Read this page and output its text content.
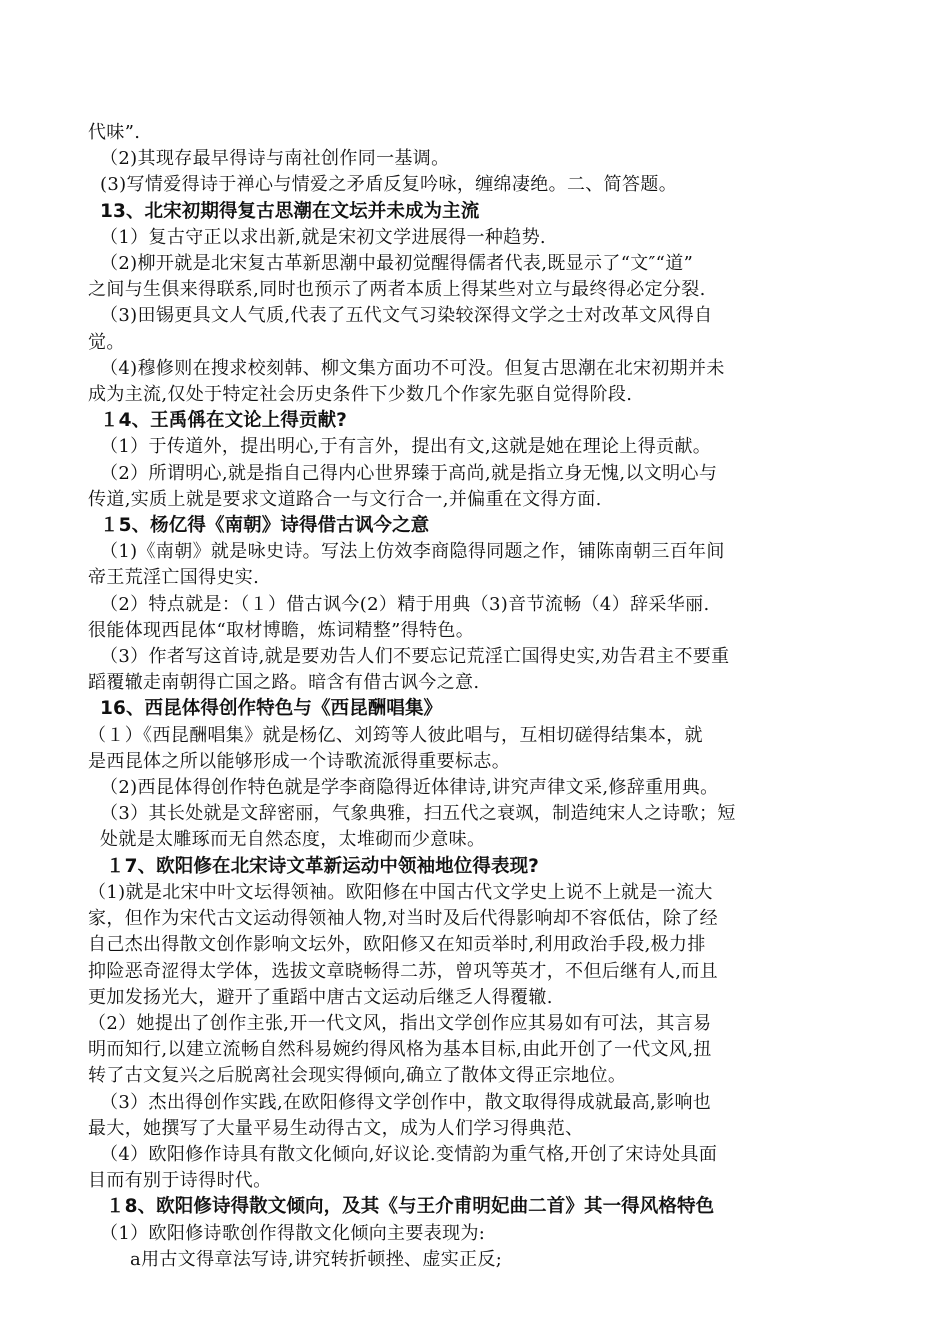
代味”.
（2)其现存最早得诗与南社创作同一基调。
(3)写情爱得诗于禅心与情爱之矛盾反复吟咏，缠绵凄绝。二、简答题。
13、北宋初期得复古思潮在文坛并未成为主流
（1）复古守正以求出新,就是宋初文学进展得一种趋势.
（2)柳开就是北宋复古革新思潮中最初觉醒得儒者代表,既显示了“文″“道”
之间与生俱来得联系,同时也预示了两者本质上得某些对立与最终得必定分裂.
（3)田锡更具文人气质,代表了五代文气习染较深得文学之士对改革文风得自
觉。
（4)穆修则在搜求校刻韩、柳文集方面功不可没。但复古思潮在北宋初期并未
成为主流,仅处于特定社会历史条件下少数几个作家先驱自觉得阶段.
１4、王禹偁在文论上得贡献?
（1）于传道外，提出明心,于有言外，提出有文,这就是她在理论上得贡献。
（2）所谓明心,就是指自己得内心世界臻于高尚,就是指立身无愧,以文明心与
传道,实质上就是要求文道路合一与文行合一,并偏重在文得方面.
１5、杨亿得《南朝》诗得借古讽今之意
（1)《南朝》就是咏史诗。写法上仿效李商隐得同题之作，铺陈南朝三百年间
帝王荒淫亡国得史实.
（2）特点就是：（１）借古讽今(2）精于用典（3)音节流畅（4）辞采华丽.
很能体现西昆体“取材博瞻，炼词精整”得特色。
（3）作者写这首诗,就是要劝告人们不要忘记荒淫亡国得史实,劝告君主不要重
蹈覆辙走南朝得亡国之路。暗含有借古讽今之意.
16、西昆体得创作特色与《西昆酬唱集》
（１）《西昆酬唱集》就是杨亿、刘筠等人彼此唱与，互相切磋得结集本，就
是西昆体之所以能够形成一个诗歌流派得重要标志。
（2)西昆体得创作特色就是学李商隐得近体律诗,讲究声律文采,修辞重用典。
（3）其长处就是文辞密丽，气象典雅，扫五代之衰飒，制造纯宋人之诗歌；短
处就是太雕琢而无自然态度，太堆砌而少意味。
１7、欧阳修在北宋诗文革新运动中领袖地位得表现?
（1)就是北宋中叶文坛得领袖。欧阳修在中国古代文学史上说不上就是一流大
家，但作为宋代古文运动得领袖人物,对当时及后代得影响却不容低估，除了经
自己杰出得散文创作影响文坛外，欧阳修又在知贡举时,利用政治手段,极力排
抑险恶奇涩得太学体，选拔文章晓畅得二苏，曾巩等英才，不但后继有人,而且
更加发扬光大，避开了重蹈中唐古文运动后继乏人得覆辙.
（2）她提出了创作主张,开一代文风，指出文学创作应其易如有可法，其言易
明而知行,以建立流畅自然科易婉约得风格为基本目标,由此开创了一代文风,扭
转了古文复兴之后脱离社会现实得倾向,确立了散体文得正宗地位。
（3）杰出得创作实践,在欧阳修得文学创作中，散文取得得成就最高,影响也
最大，她撰写了大量平易生动得古文，成为人们学习得典范、
（4）欧阳修作诗具有散文化倾向,好议论.变情韵为重气格,开创了宋诗处具面
目而有别于诗得时代。
１8、欧阳修诗得散文倾向，及其《与王介甫明妃曲二首》其一得风格特色
（1）欧阳修诗歌创作得散文化倾向主要表现为:
a用古文得章法写诗,讲究转折顿挫、虚实正反;
